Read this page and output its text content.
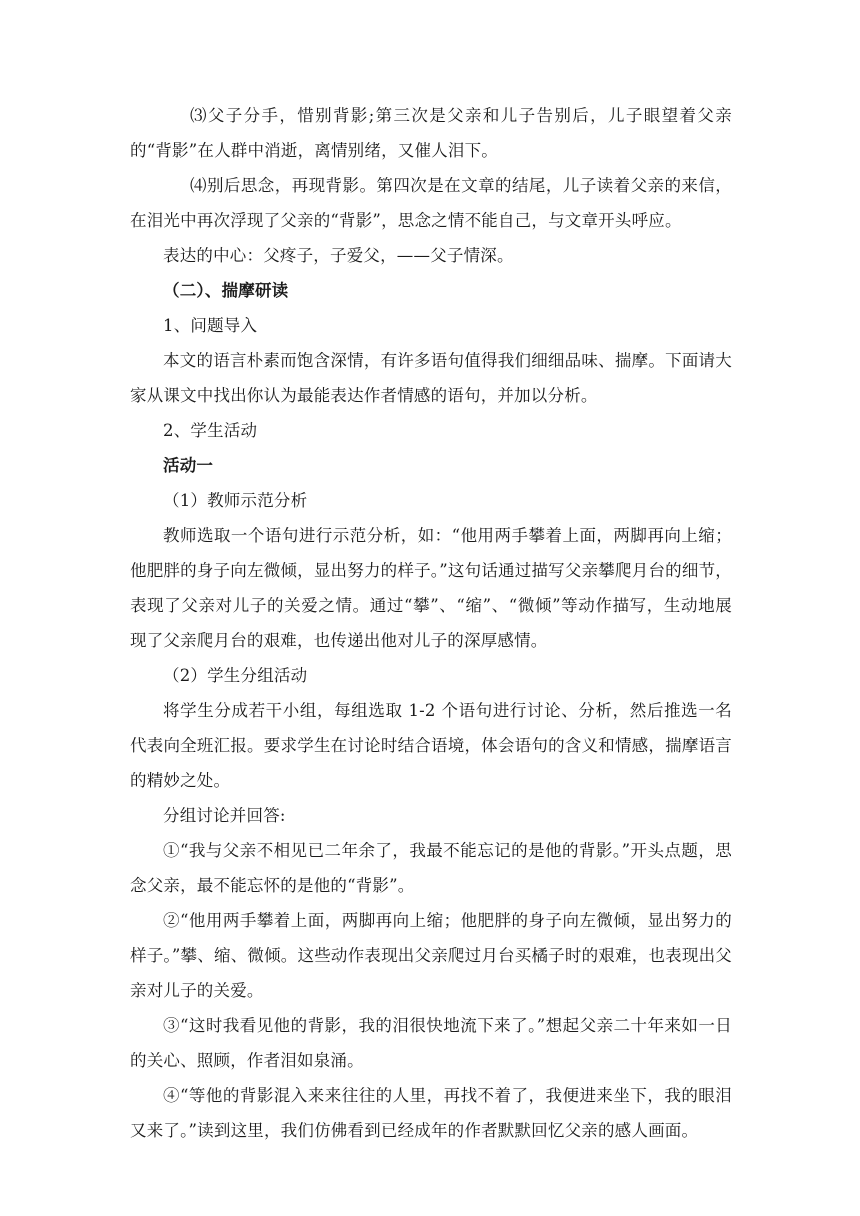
⑶父子分手，惜别背影;第三次是父亲和儿子告别后，儿子眼望着父亲的“背影”在人群中消逝，离情别绪，又催人泪下。

⑷别后思念，再现背影。第四次是在文章的结尾，儿子读着父亲的来信，在泪光中再次浮现了父亲的“背影”，思念之情不能自己，与文章开头呼应。

表达的中心：父疼子，子爱父，——父子情深。

（二）、揣摩研读

1、问题导入

本文的语言朴素而饱含深情，有许多语句值得我们细细品味、揣摩。下面请大家从课文中找出你认为最能表达作者情感的语句，并加以分析。

2、学生活动

活动一

（1）教师示范分析

教师选取一个语句进行示范分析，如：“他用两手攀着上面，两脚再向上缩；他肥胖的身子向左微倾，显出努力的样子。”这句话通过描写父亲攀爬月台的细节，表现了父亲对儿子的关爱之情。通过“攀”、“缩”、“微倾”等动作描写，生动地展现了父亲爬月台的艰难，也传递出他对儿子的深厚感情。

（2）学生分组活动

将学生分成若干小组，每组选取 1-2 个语句进行讨论、分析，然后推选一名代表向全班汇报。要求学生在讨论时结合语境，体会语句的含义和情感，揣摩语言的精妙之处。

分组讨论并回答:

①“我与父亲不相见已二年余了，我最不能忘记的是他的背影。”开头点题，思念父亲，最不能忘怀的是他的“背影”。

②“他用两手攀着上面，两脚再向上缩；他肥胖的身子向左微倾，显出努力的样子。”攀、缩、微倾。这些动作表现出父亲爬过月台买橘子时的艰难，也表现出父亲对儿子的关爱。

③“这时我看见他的背影，我的泪很快地流下来了。”想起父亲二十年来如一日的关心、照顾，作者泪如泉涌。

④“等他的背影混入来来往往的人里，再找不着了，我便进来坐下，我的眼泪又来了。”读到这里，我们仿佛看到已经成年的作者默默回忆父亲的感人画面。
